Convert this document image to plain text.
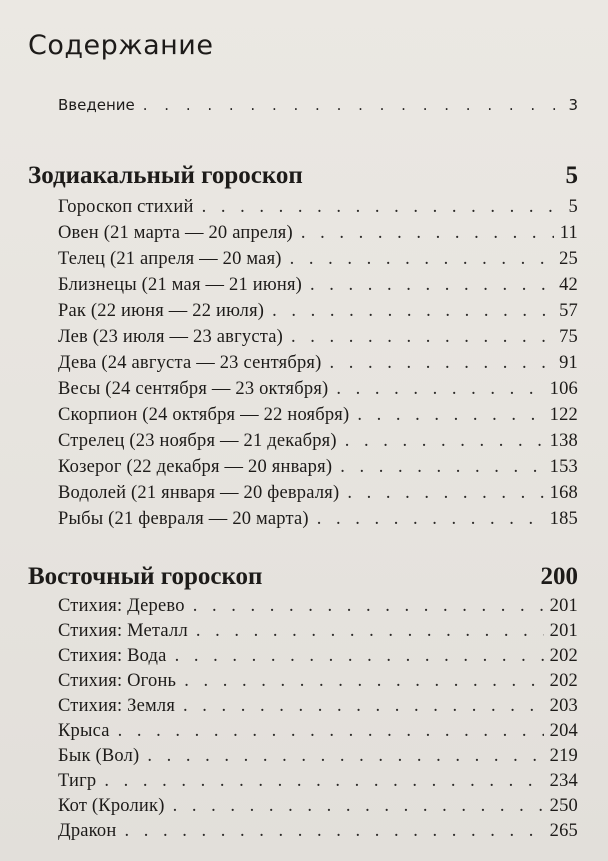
Содержание
Введение . . .	3
Зодиакальный гороскоп	5
Гороскоп стихий . . .	5
Овен (21 марта — 20 апреля) . . .	11
Телец (21 апреля — 20 мая) . . .	25
Близнецы (21 мая — 21 июня) . . .	42
Рак (22 июня — 22 июля) . . .	57
Лев (23 июля — 23 августа) . . .	75
Дева (24 августа — 23 сентября) . . .	91
Весы (24 сентября — 23 октября) . . .	106
Скорпион (24 октября — 22 ноября) . . .	122
Стрелец (23 ноября — 21 декабря) . . .	138
Козерог (22 декабря — 20 января) . . .	153
Водолей (21 января — 20 февраля) . . .	168
Рыбы (21 февраля — 20 марта) . . .	185
Восточный гороскоп	200
Стихия: Дерево . . .	201
Стихия: Металл . . .	201
Стихия: Вода . . .	202
Стихия: Огонь . . .	202
Стихия: Земля . . .	203
Крыса . . .	204
Бык (Вол) . . .	219
Тигр . . .	234
Кот (Кролик) . . .	250
Дракон . . .	265
